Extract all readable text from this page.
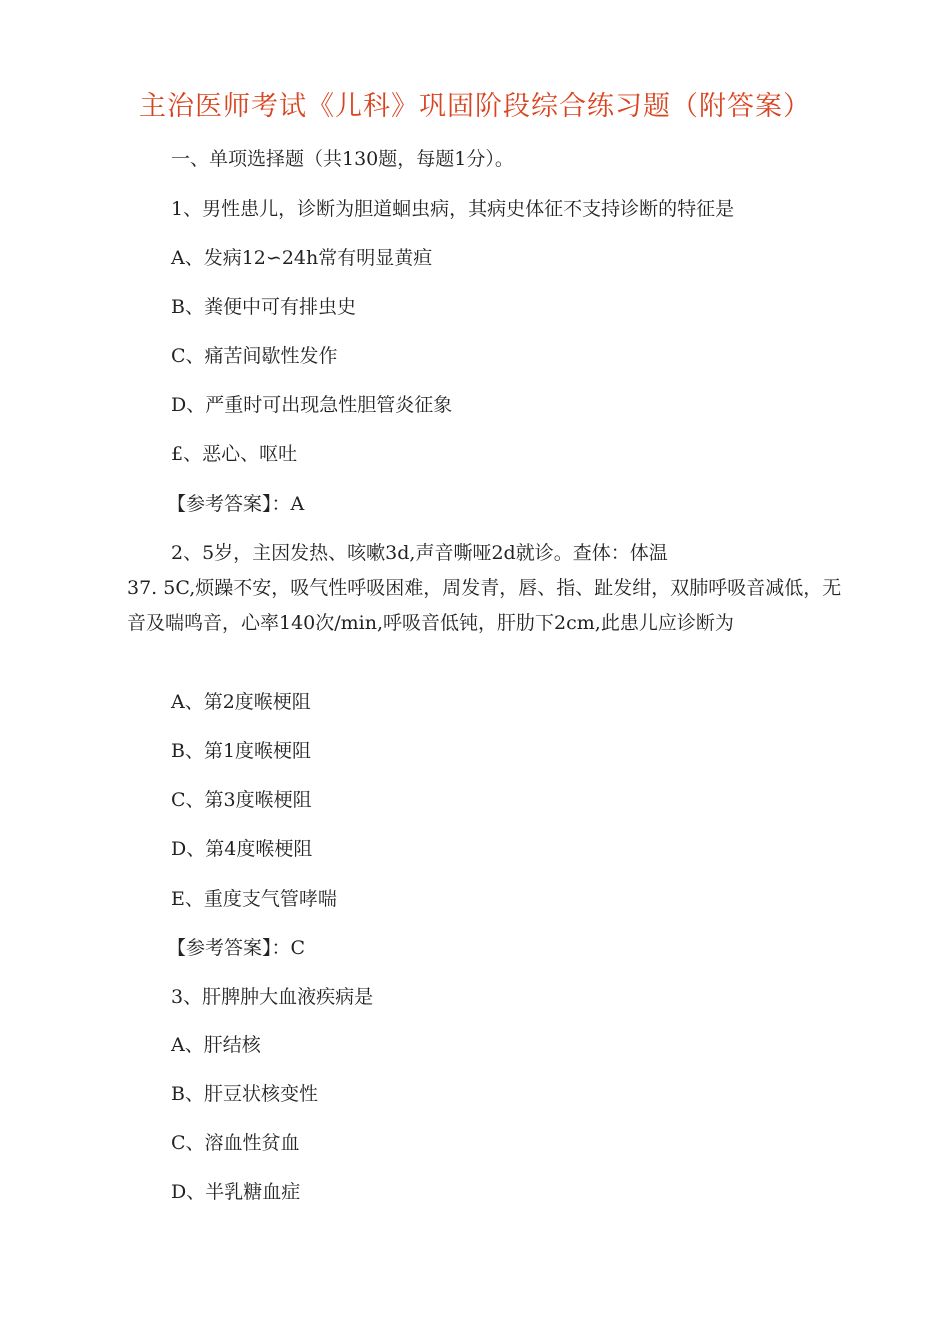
主治医师考试《儿科》巩固阶段综合练习题（附答案）
一、单项选择题（共130题，每题1分）。
1、男性患儿，诊断为胆道蛔虫病，其病史体征不支持诊断的特征是
A、发病12∽24h常有明显黄疸
B、粪便中可有排虫史
C、痛苦间歇性发作
D、严重时可出现急性胆管炎征象
£、恶心、呕吐
【参考答案】：A
2、5岁，主因发热、咳嗽3d,声音嘶哑2d就诊。查体：体温
37. 5C,烦躁不安，吸气性呼吸困难，周发青，唇、指、趾发绀，双肺呼吸音减低，无 音及喘鸣音，心率140次/min,呼吸音低钝，肝肋下2cm,此患儿应诊断为
A、第2度喉梗阻
B、第1度喉梗阻
C、第3度喉梗阻
D、第4度喉梗阻
E、重度支气管哮喘
【参考答案】：C
3、肝脾肿大血液疾病是
A、肝结核
B、肝豆状核变性
C、溶血性贫血
D、半乳糖血症
